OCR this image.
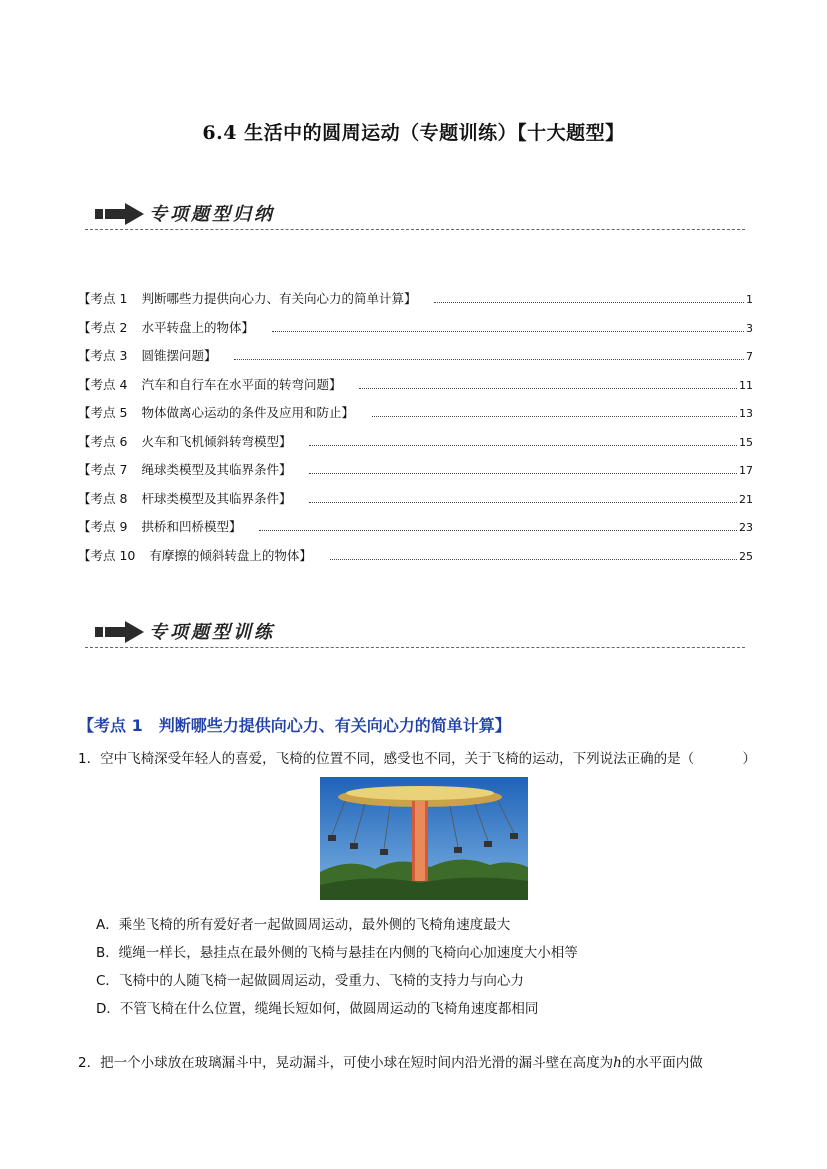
6.4 生活中的圆周运动（专题训练）【十大题型】
专项题型归纳
【考点 1 判断哪些力提供向心力、有关向心力的简单计算】	1
【考点 2 水平转盘上的物体】	3
【考点 3 圆锥摆问题】	7
【考点 4 汽车和自行车在水平面的转弯问题】	11
【考点 5 物体做离心运动的条件及应用和防止】	13
【考点 6 火车和飞机倾斜转弯模型】	15
【考点 7 绳球类模型及其临界条件】	17
【考点 8 杆球类模型及其临界条件】	21
【考点 9 拱桥和凹桥模型】	23
【考点 10 有摩擦的倾斜转盘上的物体】	25
专项题型训练
【考点 1 判断哪些力提供向心力、有关向心力的简单计算】
1．空中飞椅深受年轻人的喜爱，飞椅的位置不同，感受也不同，关于飞椅的运动，下列说法正确的是（	）
A．乘坐飞椅的所有爱好者一起做圆周运动，最外侧的飞椅角速度最大
B．缆绳一样长，悬挂点在最外侧的飞椅与悬挂在内侧的飞椅向心加速度大小相等
C．飞椅中的人随飞椅一起做圆周运动，受重力、飞椅的支持力与向心力
D．不管飞椅在什么位置，缆绳长短如何，做圆周运动的飞椅角速度都相同
2．把一个小球放在玻璃漏斗中，晃动漏斗，可使小球在短时间内沿光滑的漏斗壁在高度为h的水平面内做
